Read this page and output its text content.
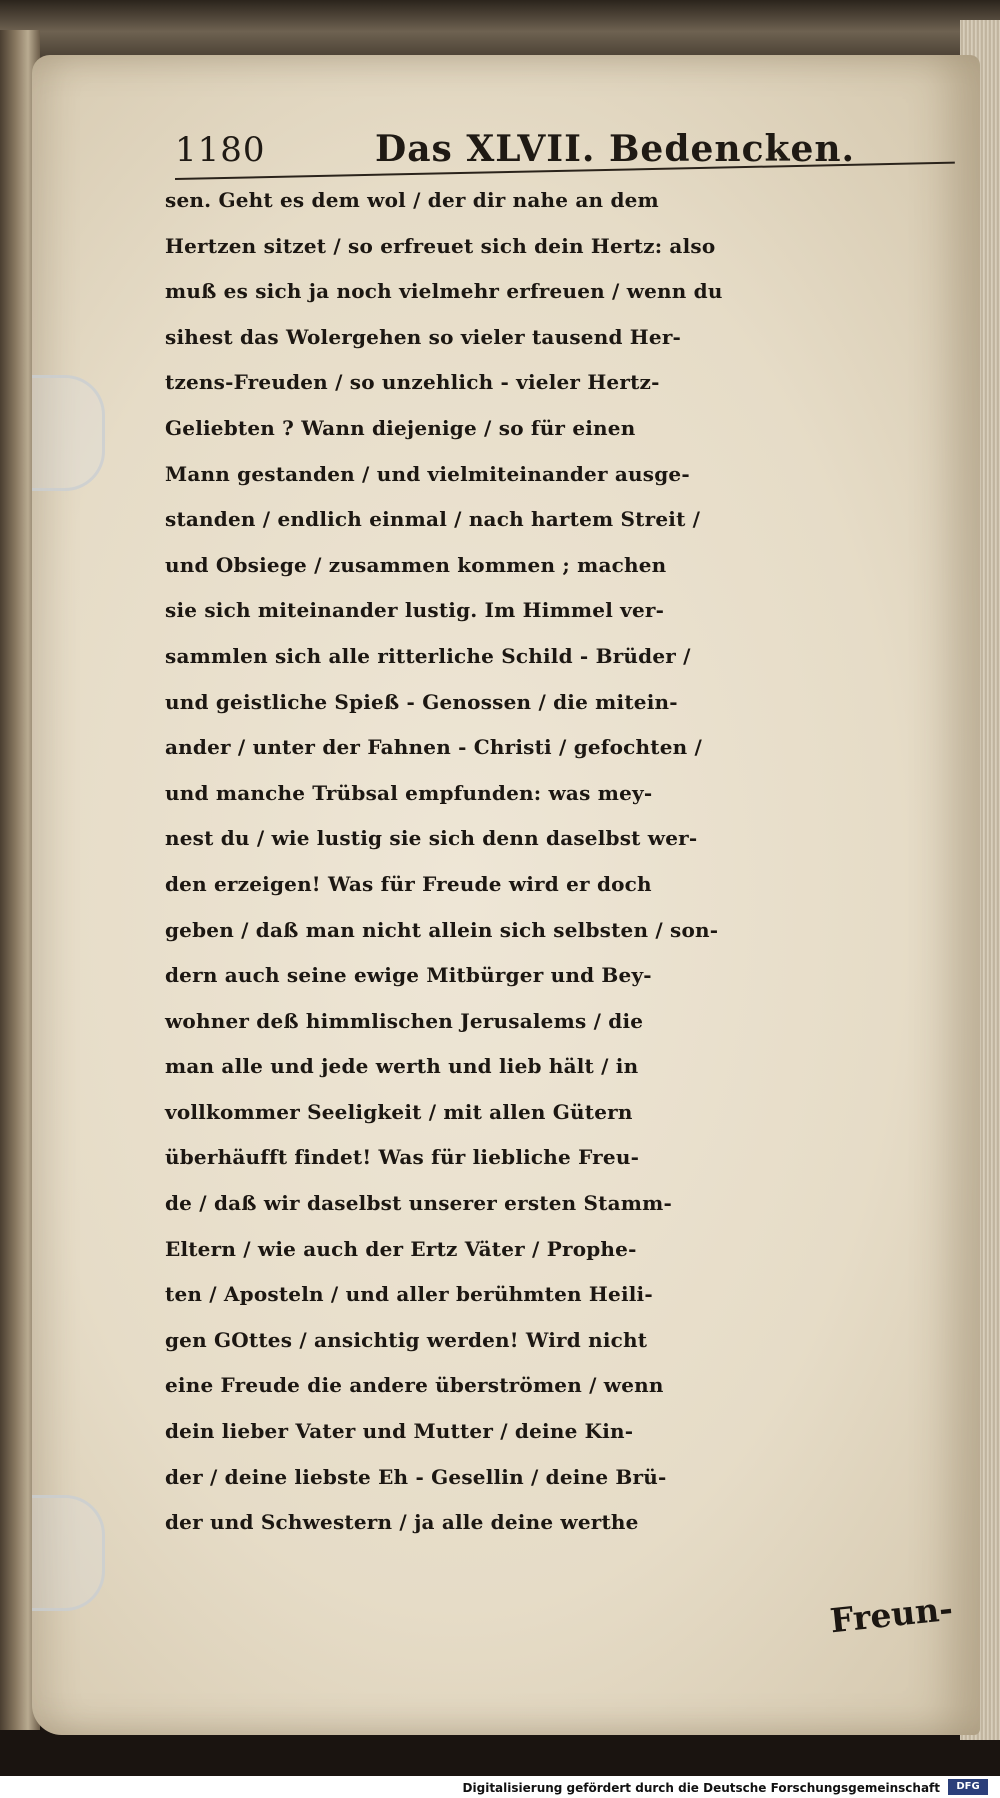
1180	Das XLVII. Bedencken.
sen. Geht es dem wol / der dir nahe an dem
Hertzen sitzet / so erfreuet sich dein Hertz: also
muß es sich ja noch vielmehr erfreuen / wenn du
sihest das Wolergehen so vieler tausend Her-
tzens-Freuden / so unzehlich - vieler Hertz-
Geliebten ? Wann diejenige / so für einen
Mann gestanden / und vielmiteinander ausge-
standen / endlich einmal / nach hartem Streit /
und Obsiege / zusammen kommen ; machen
sie sich miteinander lustig. Im Himmel ver-
sammlen sich alle ritterliche Schild - Brüder /
und geistliche Spieß - Genossen / die mitein-
ander / unter der Fahnen - Christi / gefochten /
und manche Trübsal empfunden: was mey-
nest du / wie lustig sie sich denn daselbst wer-
den erzeigen! Was für Freude wird er doch
geben / daß man nicht allein sich selbsten / son-
dern auch seine ewige Mitbürger und Bey-
wohner deß himmlischen Jerusalems / die
man alle und jede werth und lieb hält / in
vollkommer Seeligkeit / mit allen Gütern
überhäufft findet! Was für liebliche Freu-
de / daß wir daselbst unserer ersten Stamm-
Eltern / wie auch der Ertz Väter / Prophe-
ten / Aposteln / und aller berühmten Heili-
gen GOttes / ansichtig werden! Wird nicht
eine Freude die andere überströmen / wenn
dein lieber Vater und Mutter / deine Kin-
der / deine liebste Eh - Gesellin / deine Brü-
der und Schwestern / ja alle deine werthe
Freun-
Digitalisierung gefördert durch die Deutsche Forschungsgemeinschaft	DFG
